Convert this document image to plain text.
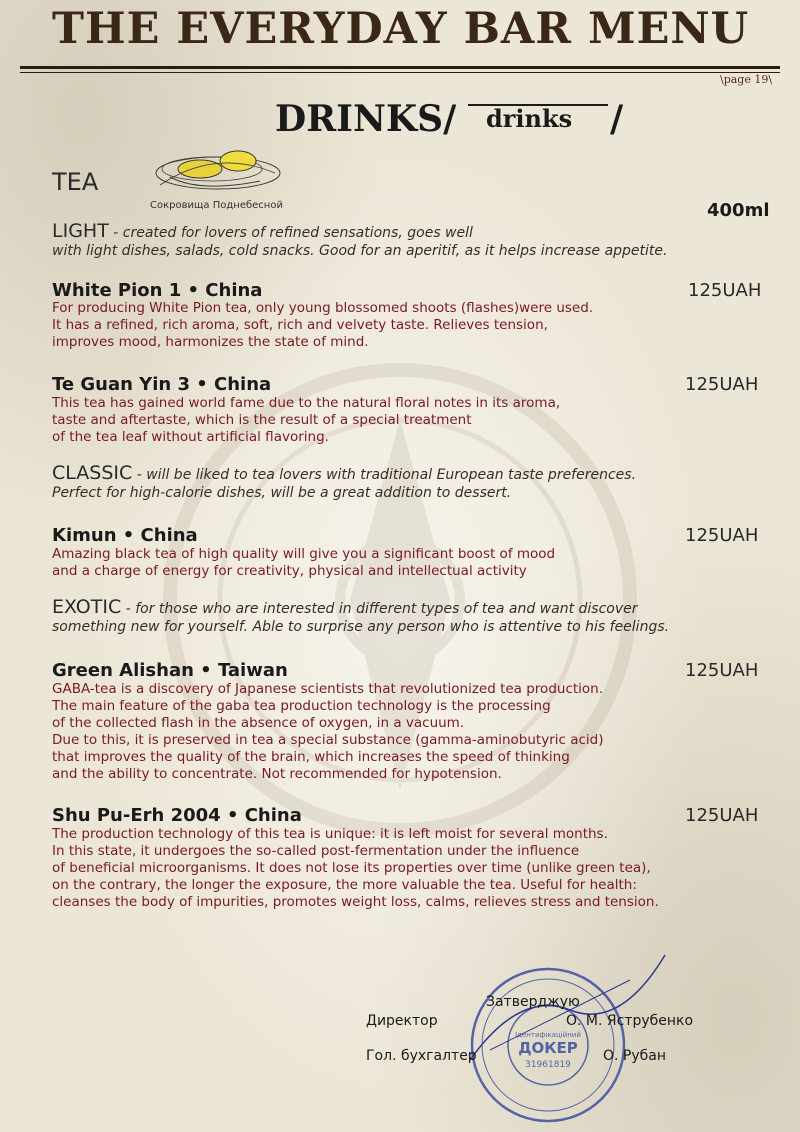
THE EVERYDAY BAR MENU
\page 19\
DRINKS/ drinks /
TEA
Сокровища Поднебесной	400ml
LIGHT - created for lovers of refined sensations, goes well
with light dishes, salads, cold snacks. Good for an aperitif, as it helps increase appetite.
White Pion 1 • China	125UAH
For producing White Pion tea, only young blossomed shoots (flashes)were used.
It has a refined, rich aroma, soft, rich and velvety taste. Relieves tension,
improves mood, harmonizes the state of mind.
Te Guan Yin 3 • China	125UAH
This tea has gained world fame due to the natural floral notes in its aroma,
taste and aftertaste, which is the result of a special treatment
of the tea leaf without artificial flavoring.
CLASSIC - will be liked to tea lovers with traditional European taste preferences.
Perfect for high-calorie dishes, will be a great addition to dessert.
Kimun • China	125UAH
Amazing black tea of high quality will give you a significant boost of mood
and a charge of energy for creativity, physical and intellectual activity
EXOTIC - for those who are interested in different types of tea and want discover
something new for yourself. Able to surprise any person who is attentive to his feelings.
Green Alishan • Taiwan	125UAH
GABA-tea is a discovery of Japanese scientists that revolutionized tea production.
The main feature of the gaba tea production technology is the processing
of the collected flash in the absence of oxygen, in a vacuum.
Due to this, it is preserved in tea a special substance (gamma-aminobutyric acid)
that improves the quality of the brain, which increases the speed of thinking
and the ability to concentrate. Not recommended for hypotension.
Shu Pu-Erh 2004 • China	125UAH
The production technology of this tea is unique: it is left moist for several months.
In this state, it undergoes the so-called post-fermentation under the influence
of beneficial microorganisms. It does not lose its properties over time (unlike green tea),
on the contrary, the longer the exposure, the more valuable the tea. Useful for health:
cleanses the body of impurities, promotes weight loss, calms, relieves stress and tension.
Ідентифікаційний
ДОКЕР
31961819
Затверджую
Директор	О. М. Яструбенко
Гол. бухгалтер	О. Рубан
